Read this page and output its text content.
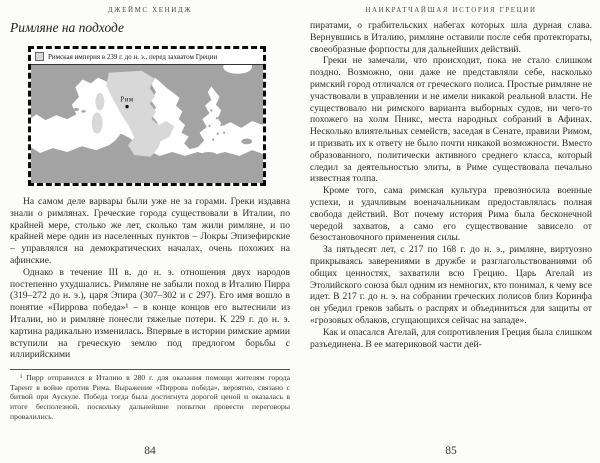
ДЖЕЙМС ХЕНИДЖ
Римляне на подходе
Римская империя в 239 г. до н. э., перед захватом Греции
Рим

На самом деле варвары были уже не за горами. Греки издавна знали о римлянах. Греческие города существовали в Италии, по крайней мере, столько же лет, сколько там жили римляне, и по крайней мере один из населенных пунктов – Локры Эпизефирские – управлялся на демократических началах, очень похожих на афинские.

Однако в течение III в. до н. э. отношения двух народов постепенно ухудшались. Римляне не забыли поход в Италию Пирра (319–272 до н. э.), царя Эпира (307–302 и с 297). Его имя вошло в понятие «Пиррова победа»¹ – в конце концов его вытеснили из Италии, но и римляне понесли тяжелые потери. К 229 г. до н. э. картина радикально изменилась. Впервые в истории римские армии вступили на греческую землю под предлогом борьбы с иллирийскими

¹ Пирр отправился в Италию в 280 г. для оказания помощи жителям города Тарент в войне против Рима. Выражение «Пиррова победа», вероятно, связано с битвой при Аускуле. Победа тогда была достигнута дорогой ценой и оказалась в итоге бесполезной, поскольку дальнейшие попытки провести переговоры провалились.
84
НАИКРАТЧАЙШАЯ ИСТОРИЯ ГРЕЦИИ

пиратами, о грабительских набегах которых шла дурная слава. Вернувшись в Италию, римляне оставили после себя протектораты, своеобразные форпосты для дальнейших действий.

Греки не замечали, что происходит, пока не стало слишком поздно. Возможно, они даже не представляли себе, насколько римский город отличался от греческого полиса. Простые римляне не участвовали в управлении и не имели никакой реальной власти. Не существовало ни римского варианта выборных судов, ни чего-то похожего на холм Пникс, места народных собраний в Афинах. Несколько влиятельных семейств, заседая в Сенате, правили Римом, и призвать их к ответу не было почти никакой возможности. Вместо образованного, политически активного среднего класса, который следил за деятельностью элиты, в Риме существовала печально известная толпа.

Кроме того, сама римская культура превозносила военные успехи, и удачливым военачальникам предоставлялась полная свобода действий. Вот почему история Рима была бесконечной чередой захватов, а само его существование зависело от безостановочного применения силы.

За пятьдесят лет, с 217 по 168 г. до н. э., римляне, виртуозно прикрываясь заверениями в дружбе и разглагольствованиями об общих ценностях, захватили всю Грецию. Царь Агелай из Этолийского союза был одним из немногих, кто понимал, к чему все идет. В 217 г. до н. э. на собрании греческих полисов близ Коринфа он убедил греков забыть о распрях и объединиться для защиты от «грозовых облаков, сгущающихся сейчас на западе».

Как и опасался Агелай, для сопротивления Греция была слишком разъединена. В ее материковой части дей-

85
